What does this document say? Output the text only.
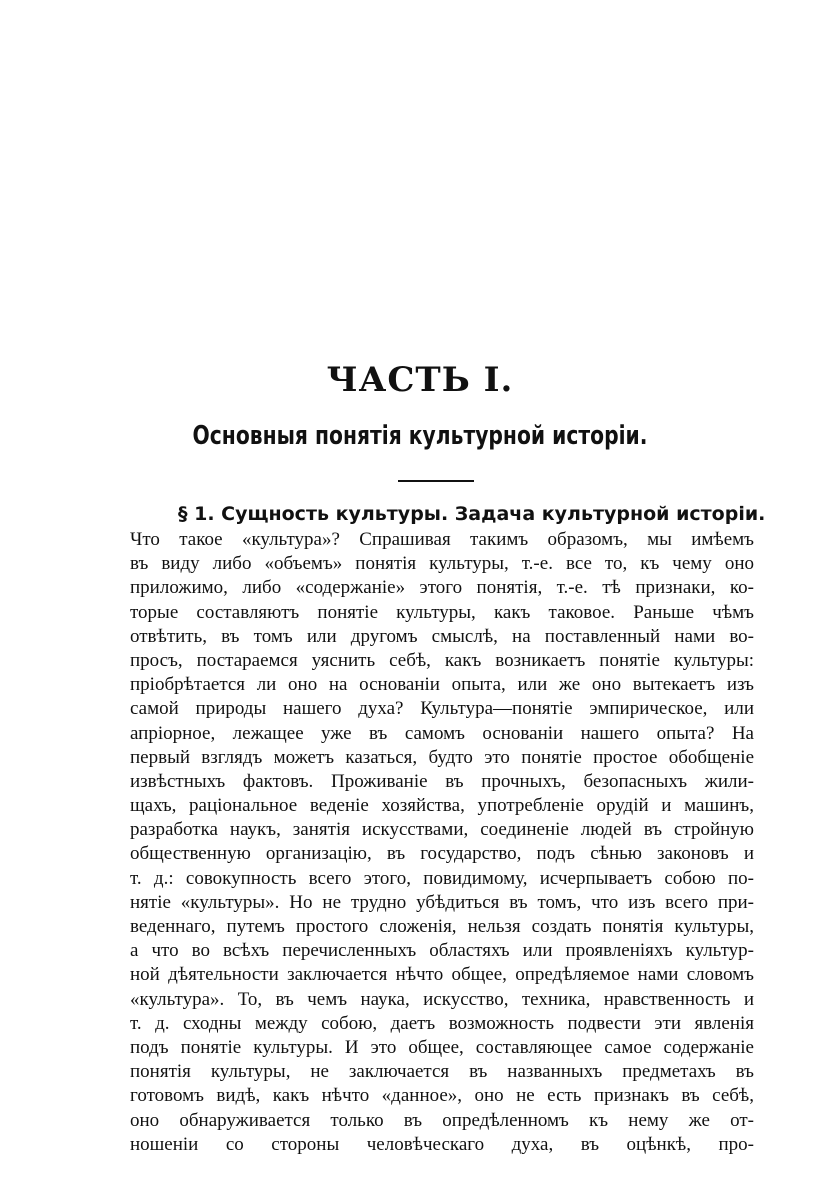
ЧАСТЬ I.
Основныя понятія культурной исторіи.
§ 1. Сущность культуры. Задача культурной исторіи.
Что такое «культура»? Спрашивая такимъ образомъ, мы имѣемъ
въ виду либо «объемъ» понятія культуры, т.-е. все то, къ чему оно
приложимо, либо «содержаніе» этого понятія, т.-е. тѣ признаки, ко-
торые составляютъ понятіе культуры, какъ таковое. Раньше чѣмъ
отвѣтить, въ томъ или другомъ смыслѣ, на поставленный нами во-
просъ, постараемся уяснить себѣ, какъ возникаетъ понятіе культуры:
пріобрѣтается ли оно на основаніи опыта, или же оно вытекаетъ изъ
самой природы нашего духа? Культура—понятіе эмпирическое, или
апріорное, лежащее уже въ самомъ основаніи нашего опыта? На
первый взглядъ можетъ казаться, будто это понятіе простое обобщеніе
извѣстныхъ фактовъ. Проживаніе въ прочныхъ, безопасныхъ жили-
щахъ, раціональное веденіе хозяйства, употребленіе орудій и машинъ,
разработка наукъ, занятія искусствами, соединеніе людей въ стройную
общественную организацію, въ государство, подъ сѣнью законовъ и
т. д.: совокупность всего этого, повидимому, исчерпываетъ собою по-
нятіе «культуры». Но не трудно убѣдиться въ томъ, что изъ всего при-
веденнаго, путемъ простого сложенія, нельзя создать понятія культуры,
а что во всѣхъ перечисленныхъ областяхъ или проявленіяхъ культур-
ной дѣятельности заключается нѣчто общее, опредѣляемое нами словомъ
«культура». То, въ чемъ наука, искусство, техника, нравственность и
т. д. сходны между собою, даетъ возможность подвести эти явленія
подъ понятіе культуры. И это общее, составляющее самое содержаніе
понятія культуры, не заключается въ названныхъ предметахъ въ
готовомъ видѣ, какъ нѣчто «данное», оно не есть признакъ въ себѣ,
оно обнаруживается только въ опредѣленномъ къ нему же от-
ношеніи со стороны человѣческаго духа, въ оцѣнкѣ, про-
